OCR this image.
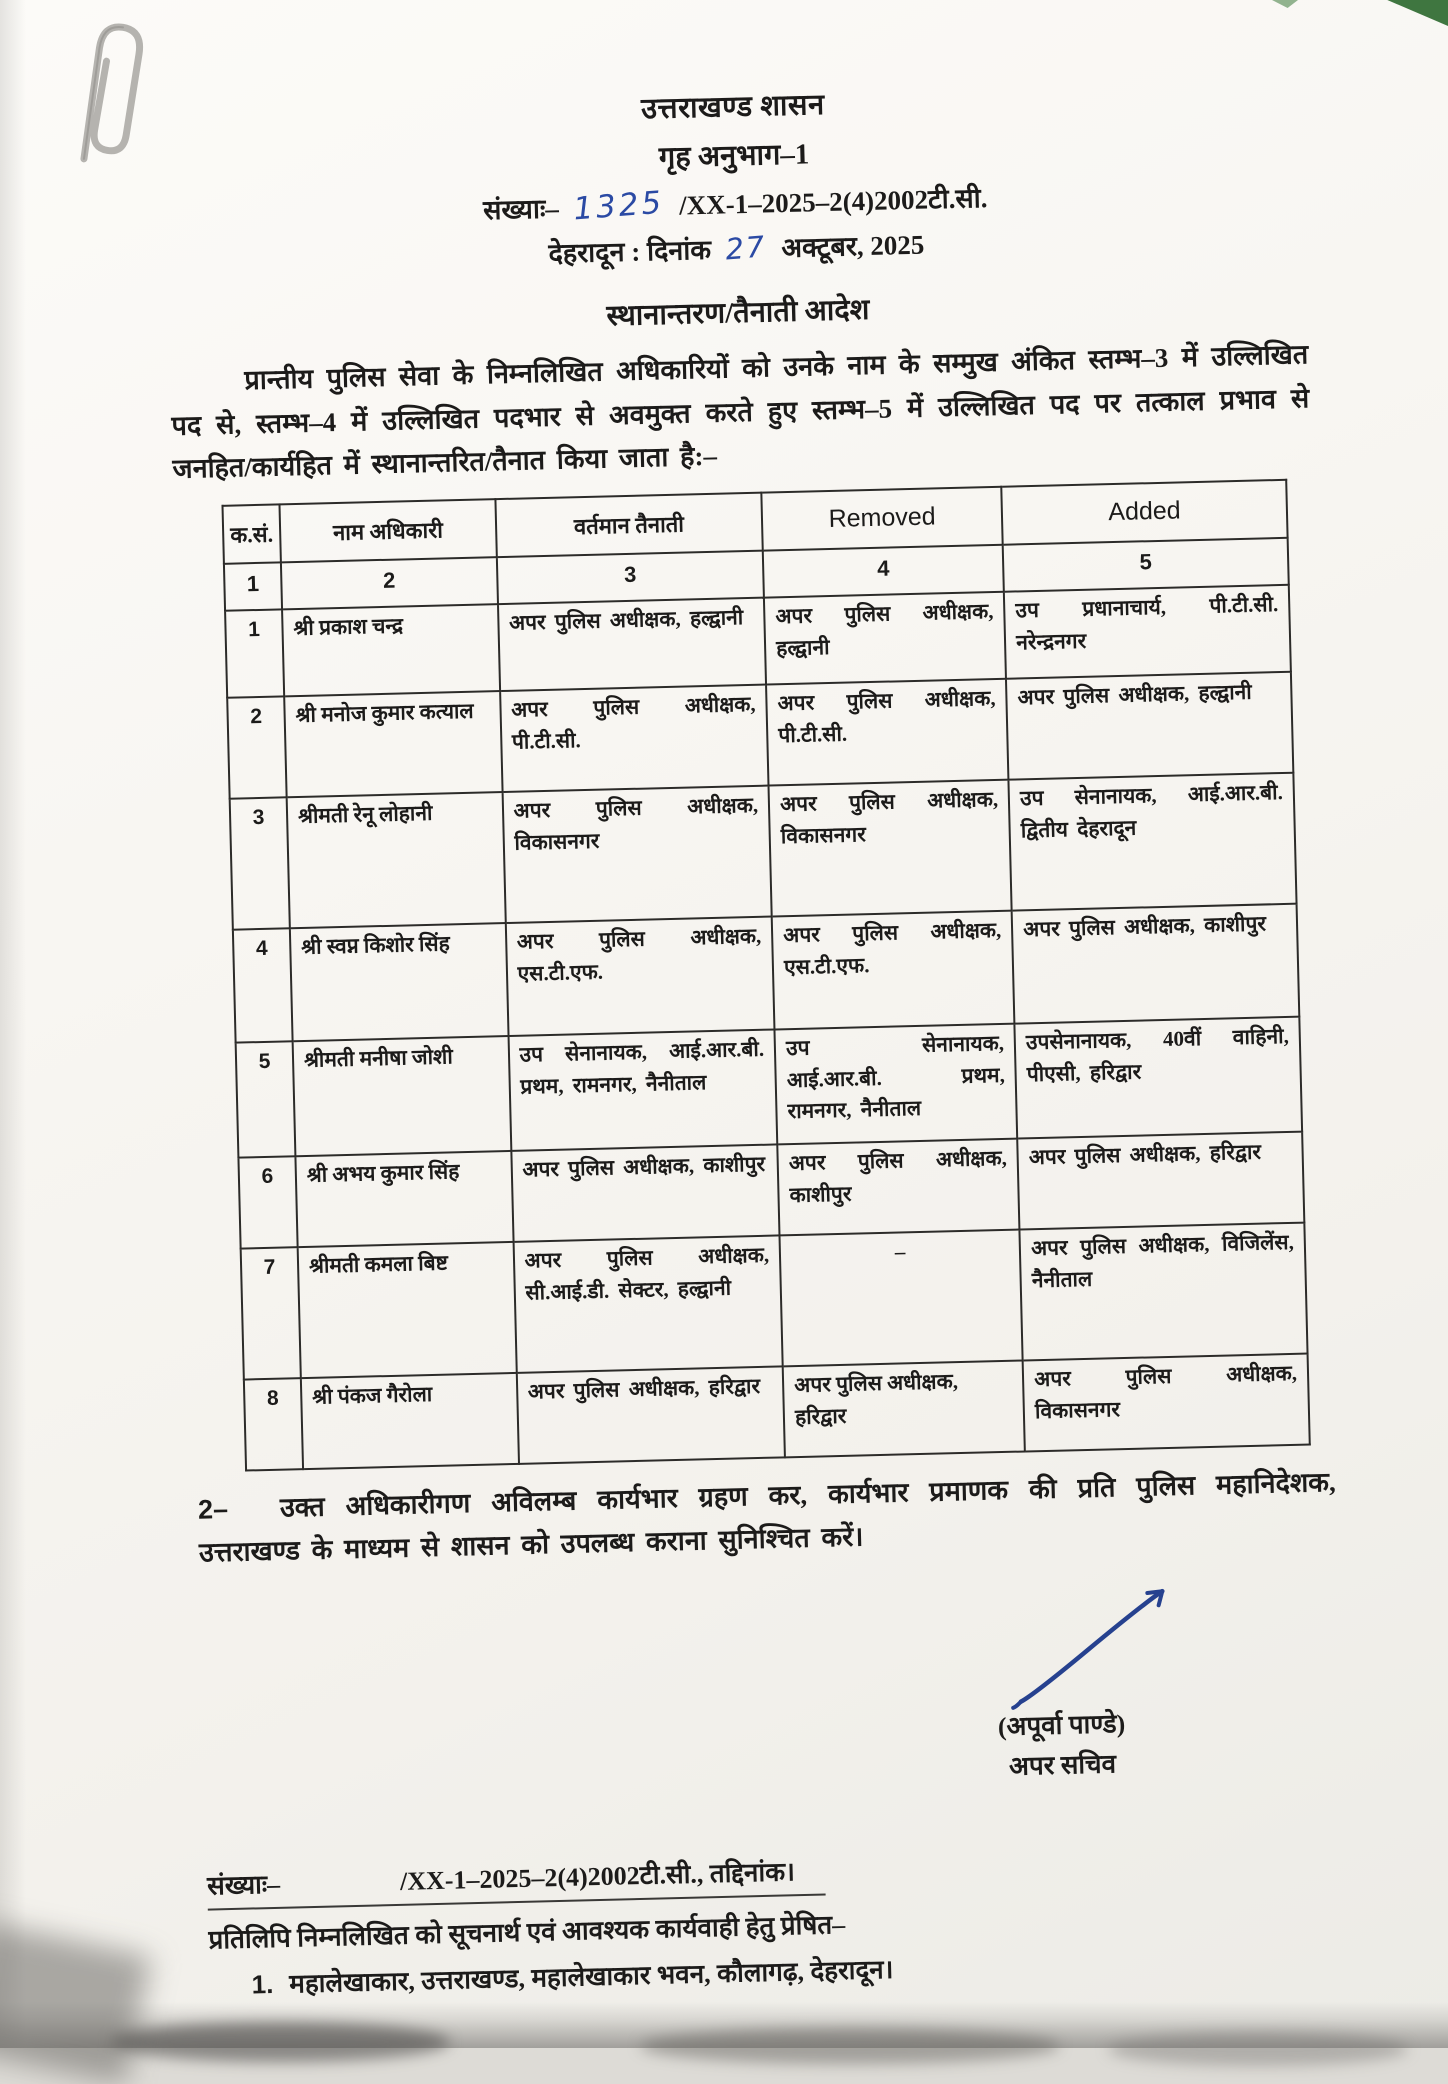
उत्तराखण्ड शासन
गृह अनुभाग–1
संख्याः– 1325 /XX-1–2025–2(4)2002टी.सी.
देहरादून : दिनांक 27 अक्टूबर, 2025
स्थानान्तरण/तैनाती आदेश
प्रान्तीय पुलिस सेवा के निम्नलिखित अधिकारियों को उनके नाम के सम्मुख अंकित स्तम्भ–3 में उल्लिखित पद से, स्तम्भ–4 में उल्लिखित पदभार से अवमुक्त करते हुए स्तम्भ–5 में उल्लिखित पद पर तत्काल प्रभाव से जनहित/कार्यहित में स्थानान्तरित/तैनात किया जाता है:–
क.सं.	नाम अधिकारी	वर्तमान तैनाती	Removed	Added
1	2	3	4	5
1	श्री प्रकाश चन्द्र	अपर पुलिस अधीक्षक, हल्द्वानी	अपर पुलिस अधीक्षक, हल्द्वानी	उप प्रधानाचार्य, पी.टी.सी. नरेन्द्रनगर
2	श्री मनोज कुमार कत्याल	अपर पुलिस अधीक्षक, पी.टी.सी.	अपर पुलिस अधीक्षक, पी.टी.सी.	अपर पुलिस अधीक्षक, हल्द्वानी
3	श्रीमती रेनू लोहानी	अपर पुलिस अधीक्षक, विकासनगर	अपर पुलिस अधीक्षक, विकासनगर	उप सेनानायक, आई.आर.बी. द्वितीय देहरादून
4	श्री स्वप्न किशोर सिंह	अपर पुलिस अधीक्षक, एस.टी.एफ.	अपर पुलिस अधीक्षक, एस.टी.एफ.	अपर पुलिस अधीक्षक, काशीपुर
5	श्रीमती मनीषा जोशी	उप सेनानायक, आई.आर.बी. प्रथम, रामनगर, नैनीताल	उप सेनानायक, आई.आर.बी. प्रथम, रामनगर, नैनीताल	उपसेनानायक, 40वीं वाहिनी, पीएसी, हरिद्वार
6	श्री अभय कुमार सिंह	अपर पुलिस अधीक्षक, काशीपुर	अपर पुलिस अधीक्षक, काशीपुर	अपर पुलिस अधीक्षक, हरिद्वार
7	श्रीमती कमला बिष्ट	अपर पुलिस अधीक्षक, सी.आई.डी. सेक्टर, हल्द्वानी	–	अपर पुलिस अधीक्षक, विजिलेंस, नैनीताल
8	श्री पंकज गैरोला	अपर पुलिस अधीक्षक, हरिद्वार	अपर पुलिस अधीक्षक, हरिद्वार	अपर पुलिस अधीक्षक, विकासनगर
2– उक्त अधिकारीगण अविलम्ब कार्यभार ग्रहण कर, कार्यभार प्रमाणक की प्रति पुलिस महानिदेशक, उत्तराखण्ड के माध्यम से शासन को उपलब्ध कराना सुनिश्चित करें।
(अपूर्वा पाण्डे)
अपर सचिव
संख्याः–	/XX-1–2025–2(4)2002टी.सी., तद्दिनांक।
प्रतिलिपि निम्नलिखित को सूचनार्थ एवं आवश्यक कार्यवाही हेतु प्रेषित–
1. महालेखाकार, उत्तराखण्ड, महालेखाकार भवन, कौलागढ़, देहरादून।
